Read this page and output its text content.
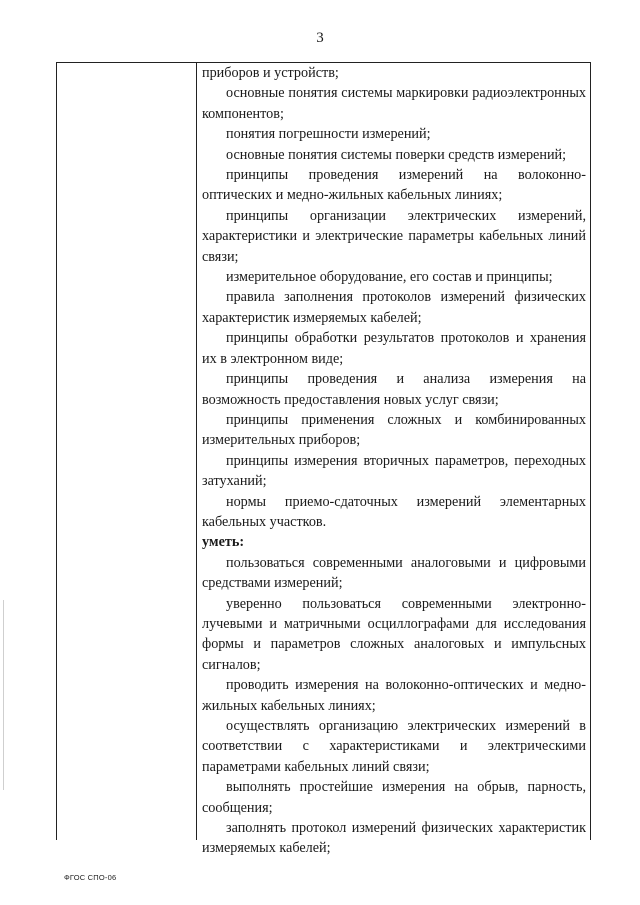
3

приборов и устройств;

основные понятия системы маркировки радиоэлектронных компонентов;

понятия погрешности измерений;

основные понятия системы поверки средств измерений;

принципы проведения измерений на волоконно-оптических и медно-жильных кабельных линиях;

принципы организации электрических измерений, характеристики и электрические параметры кабельных линий связи;

измерительное оборудование, его состав и принципы;

правила заполнения протоколов измерений физических характеристик измеряемых кабелей;

принципы обработки результатов протоколов и хранения их в электронном виде;

принципы проведения и анализа измерения на возможность предоставления новых услуг связи;

принципы применения сложных и комбинированных измерительных приборов;

принципы измерения вторичных параметров, переходных затуханий;

нормы приемо-сдаточных измерений элементарных кабельных участков.

уметь:

пользоваться современными аналоговыми и цифровыми средствами измерений;

уверенно пользоваться современными электронно-лучевыми и матричными осциллографами для исследования формы и параметров сложных аналоговых и импульсных сигналов;

проводить измерения на волоконно-оптических и медно-жильных кабельных линиях;

осуществлять организацию электрических измерений в соответствии с характеристиками и электрическими параметрами кабельных линий связи;

выполнять простейшие измерения на обрыв, парность, сообщения;

заполнять протокол измерений физических характеристик измеряемых кабелей;

ФГОС СПО-06
